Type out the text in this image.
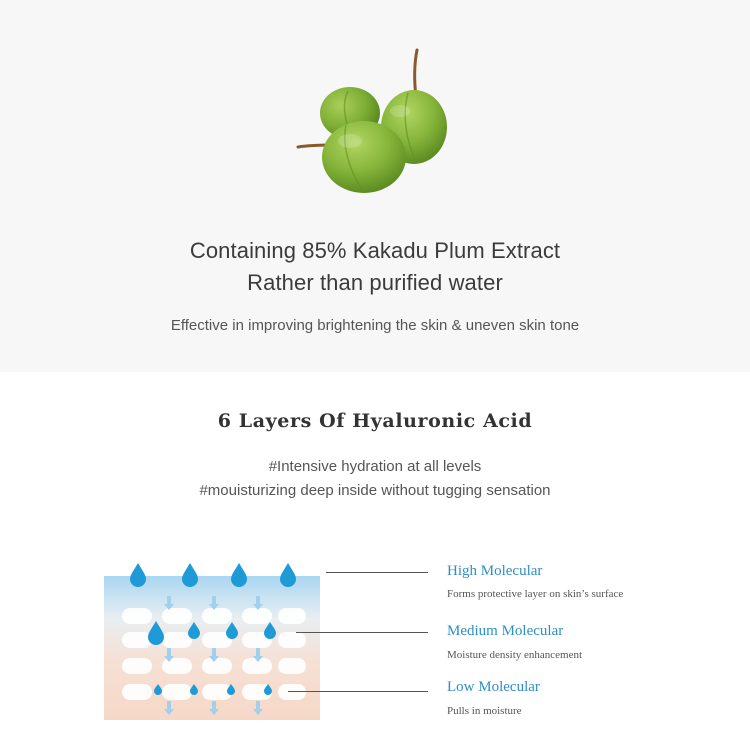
Containing 85% Kakadu Plum Extract
Rather than purified water
Effective in improving brightening the skin & uneven skin tone
6 Layers Of Hyaluronic Acid
#Intensive hydration at all levels
#mouisturizing deep inside without tugging sensation
High Molecular
Forms protective layer on skin’s surface
Medium Molecular
Moisture density enhancement
Low Molecular
Pulls in moisture
